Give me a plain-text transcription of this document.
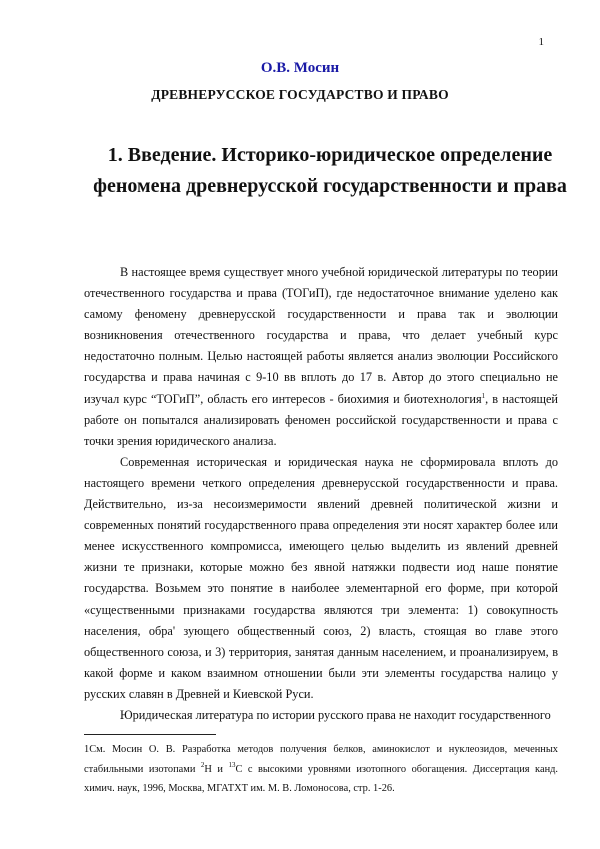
1
О.В. Мосин
ДРЕВНЕРУССКОЕ ГОСУДАРСТВО И ПРАВО
1. Введение. Историко-юридическое определение феномена древнерусской государственности и права

В настоящее время существует много учебной юридической литературы по теории отечественного государства и права (ТОГиП), где недостаточное внимание уделено как самому феномену древнерусской государственности и права так и эволюции возникновения отечественного государства и права, что делает учебный курс недостаточно полным. Целью настоящей работы является анализ эволюции Российского государства и права начиная с 9-10 вв вплоть до 17 в. Автор до этого специально не изучал курс “ТОГиП”, область его интересов - биохимия и биотехнология$^1$, в настоящей работе он попытался анализировать феномен российской государственности и права с точки зрения юридического анализа.

Современная историческая и юридическая наука не сформировала вплоть до настоящего времени четкого определения древнерусской государственности и права. Действительно, из-за несоизмеримости явлений древней политической жизни и современных понятий государственного права определения эти носят характер более или менее искусственного компромисса, имеющего целью выделить из явлений древней жизни те признаки, которые можно без явной натяжки подвести иод наше понятие государства. Возьмем это понятие в наиболее элементарной его форме, при которой «существенными признаками государства являются три элемента: 1) совокупность населения, обра' зующего общественный союз, 2) власть, стоящая во главе этого общественного союза, и 3) территория, занятая данным населением, и проанализируем, в какой форме и каком взаимном отношении были эти элементы государства налицо у русских славян в Древней и Киевской Руси.

Юридическая литература по истории русского права не находит государственного

1См. Мосин О. В. Разработка методов получения белков, аминокислот и нуклеозидов, меченных стабильными изотопами $^2$Н и $^{13}$С с высокими уровнями изотопного обогащения. Диссертация канд. химич. наук, 1996, Москва, МГАТХТ им. М. В. Ломоносова, стр. 1-26.
